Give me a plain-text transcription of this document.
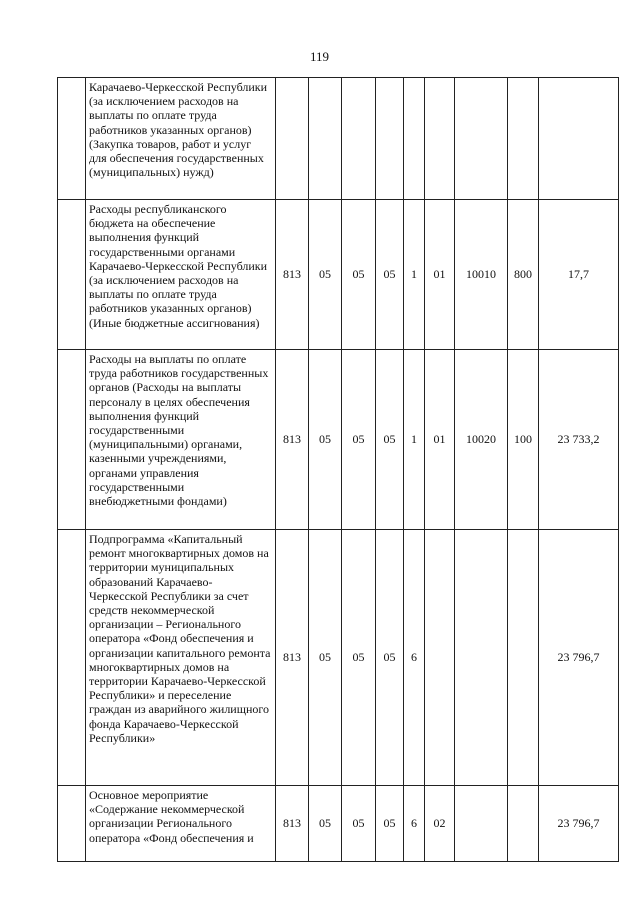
119
	Карачаево-Черкесской Республики (за исключением расходов на выплаты по оплате труда работников указанных органов) (Закупка товаров, работ и услуг для обеспечения государственных (муниципальных) нужд)									
	Расходы республиканского бюджета на обеспечение выполнения функций государственными органами Карачаево-Черкесской Республики (за исключением расходов на выплаты по оплате труда работников указанных органов) (Иные бюджетные ассигнования)	813	05	05	05	1	01	10010	800	17,7
	Расходы на выплаты по оплате труда работников государственных органов (Расходы на выплаты персоналу в целях обеспечения выполнения функций государственными (муниципальными) органами, казенными учреждениями, органами управления государственными внебюджетными фондами)	813	05	05	05	1	01	10020	100	23 733,2
	Подпрограмма «Капитальный ремонт многоквартирных домов на территории муниципальных образований Карачаево-Черкесской Республики за счет средств некоммерческой организации – Регионального оператора «Фонд обеспечения и организации капитального ремонта многоквартирных домов на территории Карачаево-Черкесской Республики» и переселение граждан из аварийного жилищного фонда Карачаево-Черкесской Республики»	813	05	05	05	6				23 796,7
	Основное мероприятие «Содержание некоммерческой организации Регионального оператора «Фонд обеспечения и	813	05	05	05	6	02			23 796,7
